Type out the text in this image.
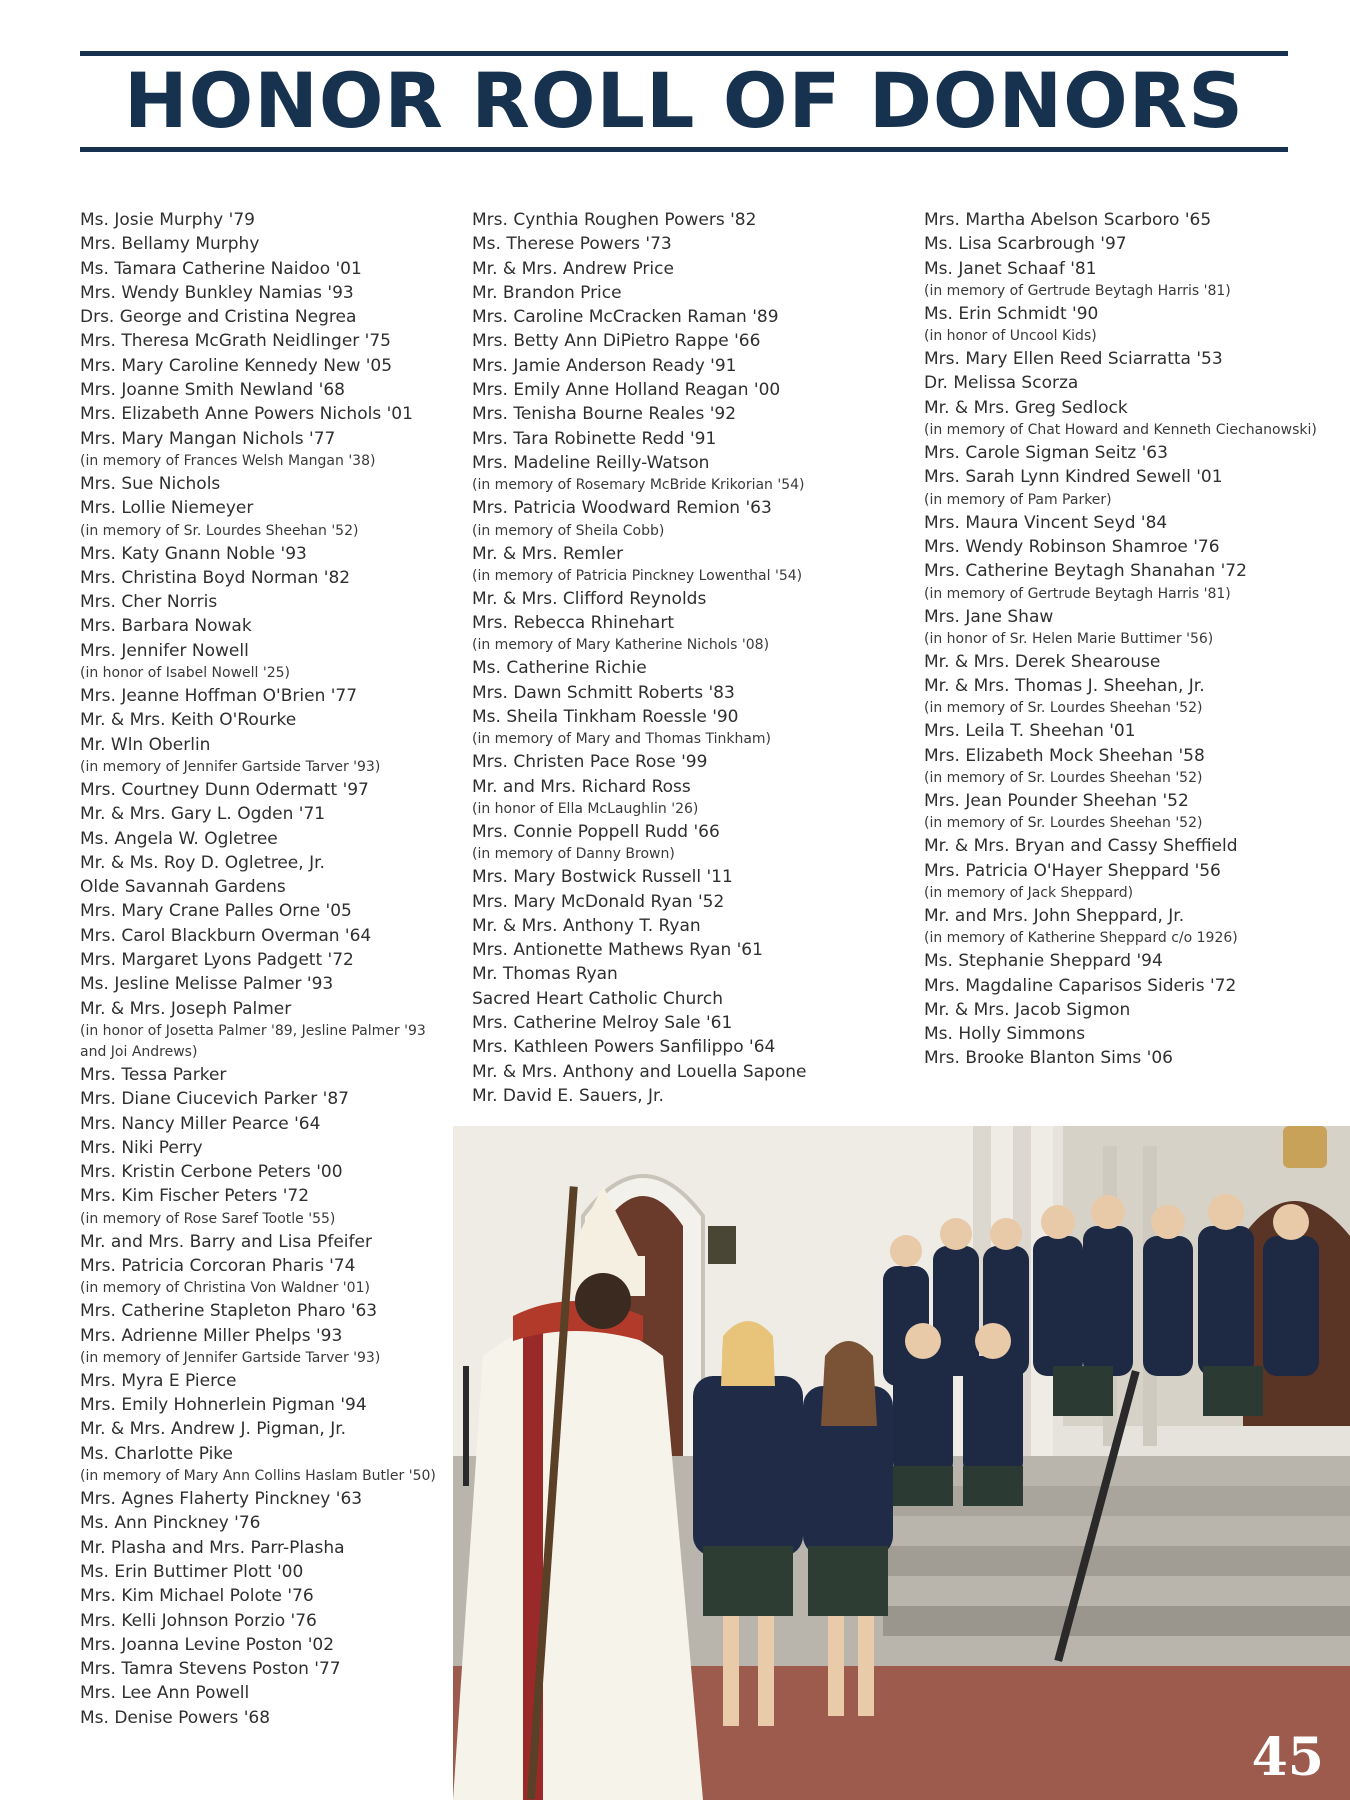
HONOR ROLL OF DONORS
Ms. Josie Murphy '79
Mrs. Bellamy Murphy
Ms. Tamara Catherine Naidoo '01
Mrs. Wendy Bunkley Namias '93
Drs. George and Cristina Negrea
Mrs. Theresa McGrath Neidlinger '75
Mrs. Mary Caroline Kennedy New '05
Mrs. Joanne Smith Newland '68
Mrs. Elizabeth Anne Powers Nichols '01
Mrs. Mary Mangan Nichols '77
(in memory of Frances Welsh Mangan '38)
Mrs. Sue Nichols
Mrs. Lollie Niemeyer
(in memory of Sr. Lourdes Sheehan '52)
Mrs. Katy Gnann Noble '93
Mrs. Christina Boyd Norman '82
Mrs. Cher Norris
Mrs. Barbara Nowak
Mrs. Jennifer Nowell
(in honor of Isabel Nowell '25)
Mrs. Jeanne Hoffman O'Brien '77
Mr. & Mrs. Keith O'Rourke
Mr. Wln Oberlin
(in memory of Jennifer Gartside Tarver '93)
Mrs. Courtney Dunn Odermatt '97
Mr. & Mrs. Gary L. Ogden '71
Ms. Angela W. Ogletree
Mr. & Ms. Roy D. Ogletree, Jr.
Olde Savannah Gardens
Mrs. Mary Crane Palles Orne '05
Mrs. Carol Blackburn Overman '64
Mrs. Margaret Lyons Padgett '72
Ms. Jesline Melisse Palmer '93
Mr. & Mrs. Joseph Palmer
(in honor of Josetta Palmer '89, Jesline Palmer '93 and Joi Andrews)
Mrs. Tessa Parker
Mrs. Diane Ciucevich Parker '87
Mrs. Nancy Miller Pearce '64
Mrs. Niki Perry
Mrs. Kristin Cerbone Peters '00
Mrs. Kim Fischer Peters '72
(in memory of Rose Saref Tootle '55)
Mr. and Mrs. Barry and Lisa Pfeifer
Mrs. Patricia Corcoran Pharis '74
(in memory of Christina Von Waldner '01)
Mrs. Catherine Stapleton Pharo '63
Mrs. Adrienne Miller Phelps '93
(in memory of Jennifer Gartside Tarver '93)
Mrs. Myra E Pierce
Mrs. Emily Hohnerlein Pigman '94
Mr. & Mrs. Andrew J. Pigman, Jr.
Ms. Charlotte Pike
(in memory of Mary Ann Collins Haslam Butler '50)
Mrs. Agnes Flaherty Pinckney '63
Ms. Ann Pinckney '76
Mr. Plasha and Mrs. Parr-Plasha
Ms. Erin Buttimer Plott '00
Mrs. Kim Michael Polote '76
Mrs. Kelli Johnson Porzio '76
Mrs. Joanna Levine Poston '02
Mrs. Tamra Stevens Poston '77
Mrs. Lee Ann Powell
Ms. Denise Powers '68
Mrs. Cynthia Roughen Powers '82
Ms. Therese Powers '73
Mr. & Mrs. Andrew Price
Mr. Brandon Price
Mrs. Caroline McCracken Raman '89
Mrs. Betty Ann DiPietro Rappe '66
Mrs. Jamie Anderson Ready '91
Mrs. Emily Anne Holland Reagan '00
Mrs. Tenisha Bourne Reales '92
Mrs. Tara Robinette Redd '91
Mrs. Madeline Reilly-Watson
(in memory of Rosemary McBride Krikorian '54)
Mrs. Patricia Woodward Remion '63
(in memory of Sheila Cobb)
Mr. & Mrs. Remler
(in memory of Patricia Pinckney Lowenthal '54)
Mr. & Mrs. Clifford Reynolds
Mrs. Rebecca Rhinehart
(in memory of Mary Katherine Nichols '08)
Ms. Catherine Richie
Mrs. Dawn Schmitt Roberts '83
Ms. Sheila Tinkham Roessle '90
(in memory of Mary and Thomas Tinkham)
Mrs. Christen Pace Rose '99
Mr. and Mrs. Richard Ross
(in honor of Ella McLaughlin '26)
Mrs. Connie Poppell Rudd '66
(in memory of Danny Brown)
Mrs. Mary Bostwick Russell '11
Mrs. Mary McDonald Ryan '52
Mr. & Mrs. Anthony T. Ryan
Mrs. Antionette Mathews Ryan '61
Mr. Thomas Ryan
Sacred Heart Catholic Church
Mrs. Catherine Melroy Sale '61
Mrs. Kathleen Powers Sanfilippo '64
Mr. & Mrs. Anthony and Louella Sapone
Mr. David E. Sauers, Jr.
Mrs. Martha Abelson Scarboro '65
Ms. Lisa Scarbrough '97
Ms. Janet Schaaf '81
(in memory of Gertrude Beytagh Harris '81)
Ms. Erin Schmidt '90
(in honor of Uncool Kids)
Mrs. Mary Ellen Reed Sciarratta '53
Dr. Melissa Scorza
Mr. & Mrs. Greg Sedlock
(in memory of Chat Howard and Kenneth Ciechanowski)
Mrs. Carole Sigman Seitz '63
Mrs. Sarah Lynn Kindred Sewell '01
(in memory of Pam Parker)
Mrs. Maura Vincent Seyd '84
Mrs. Wendy Robinson Shamroe '76
Mrs. Catherine Beytagh Shanahan '72
(in memory of Gertrude Beytagh Harris '81)
Mrs. Jane Shaw
(in honor of Sr. Helen Marie Buttimer '56)
Mr. & Mrs. Derek Shearouse
Mr. & Mrs. Thomas J. Sheehan, Jr.
(in memory of Sr. Lourdes Sheehan '52)
Mrs. Leila T. Sheehan '01
Mrs. Elizabeth Mock Sheehan '58
(in memory of Sr. Lourdes Sheehan '52)
Mrs. Jean Pounder Sheehan '52
(in memory of Sr. Lourdes Sheehan '52)
Mr. & Mrs. Bryan and Cassy Sheffield
Mrs. Patricia O'Hayer Sheppard '56
(in memory of Jack Sheppard)
Mr. and Mrs. John Sheppard, Jr.
(in memory of Katherine Sheppard c/o 1926)
Ms. Stephanie Sheppard '94
Mrs. Magdaline Caparisos Sideris '72
Mr. & Mrs. Jacob Sigmon
Ms. Holly Simmons
Mrs. Brooke Blanton Sims '06
45
